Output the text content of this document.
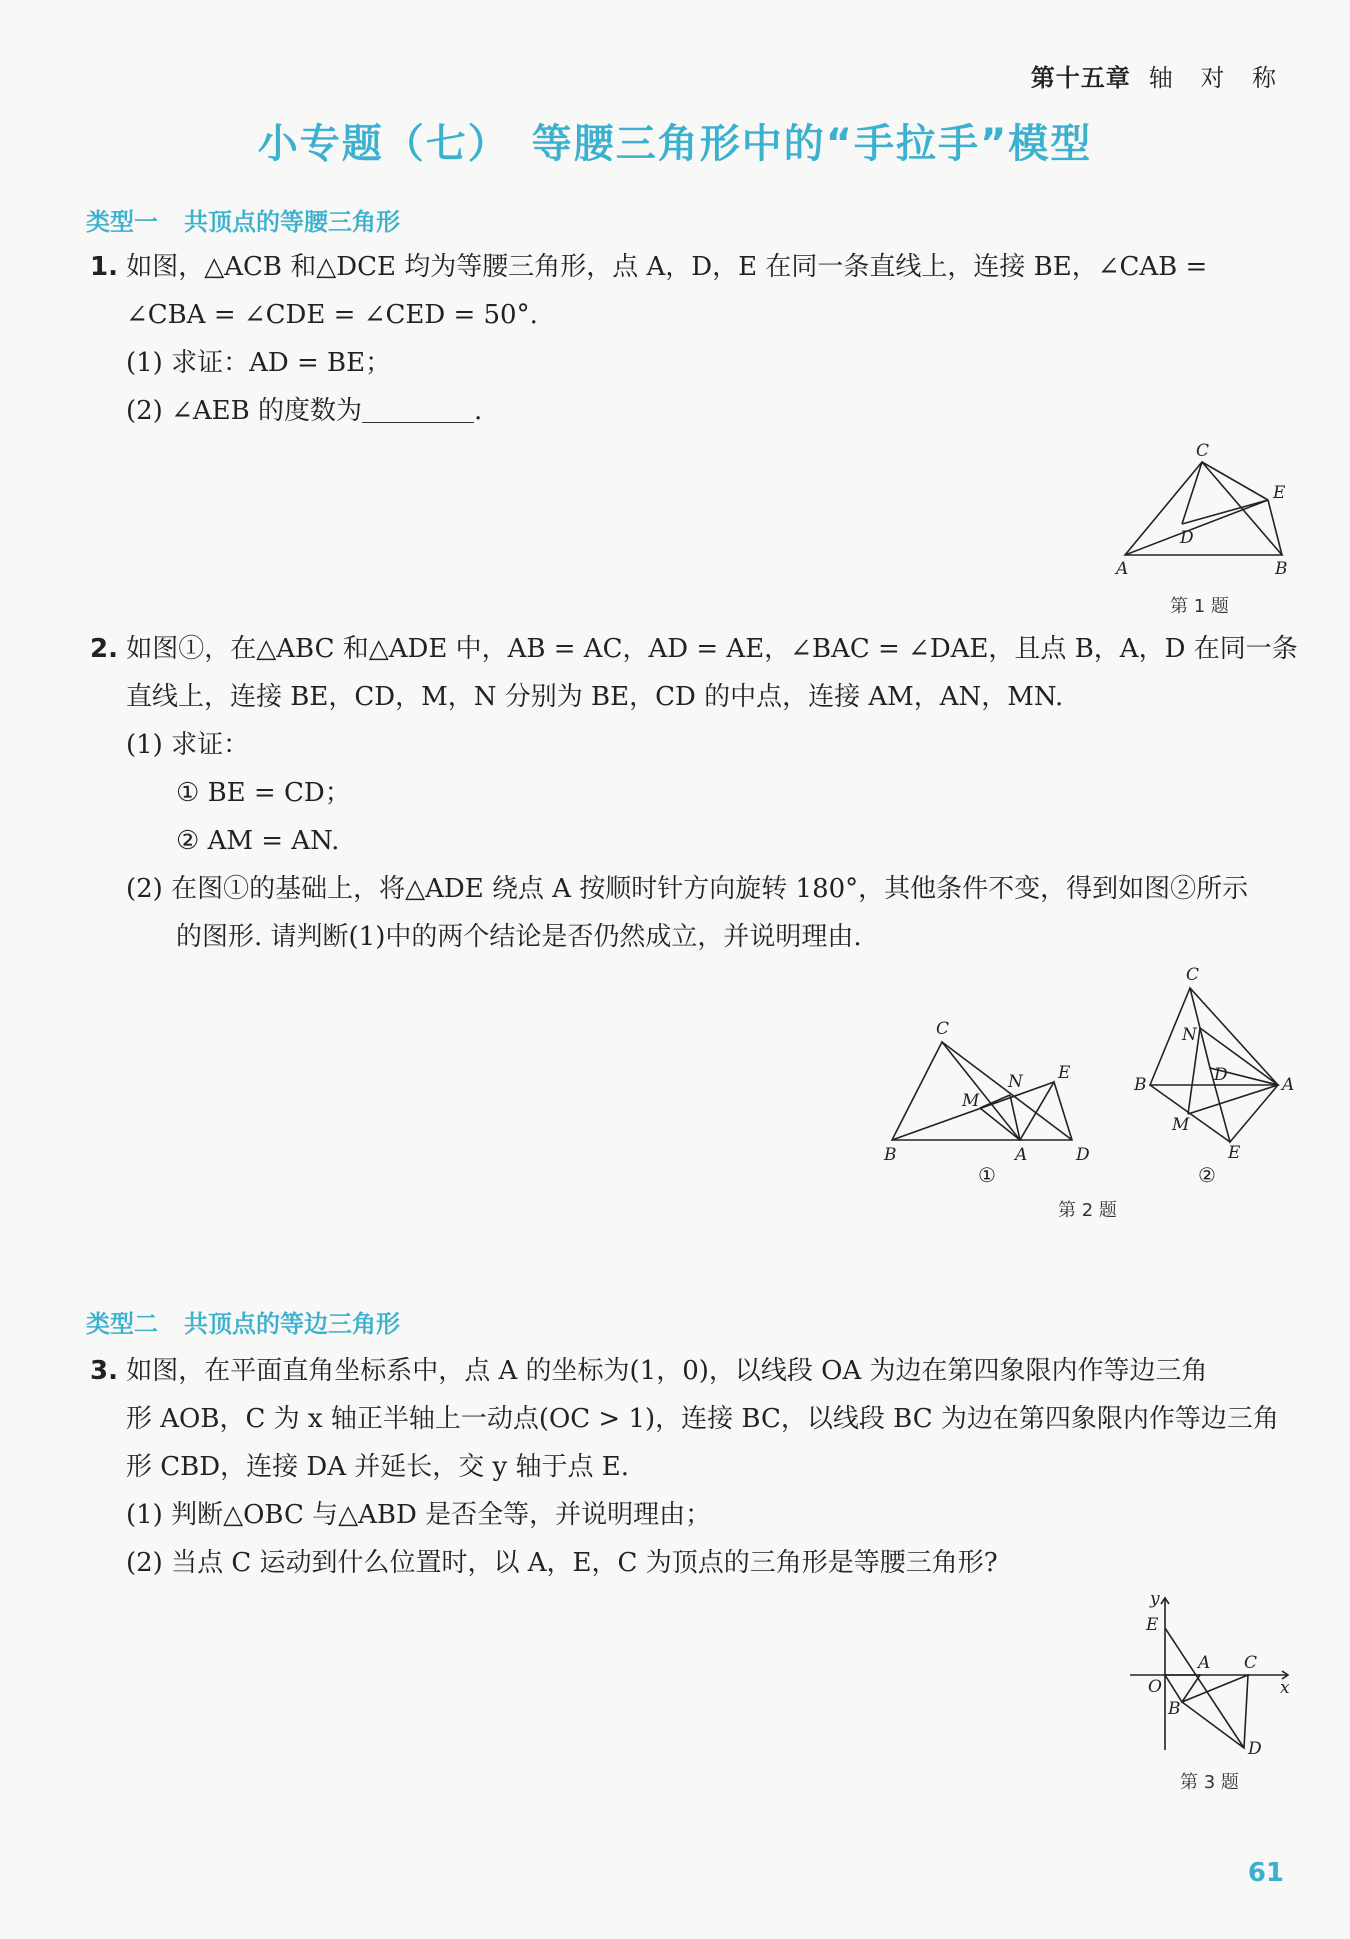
第十五章 轴 对 称
小专题（七）　等腰三角形中的“手拉手”模型
类型一 共顶点的等腰三角形
1. 如图，△ACB 和△DCE 均为等腰三角形，点 A，D，E 在同一条直线上，连接 BE，∠CAB =
∠CBA = ∠CDE = ∠CED = 50°.
(1) 求证：AD = BE；
(2) ∠AEB 的度数为	.
C
E
D
A	B
第 1 题
2. 如图①，在△ABC 和△ADE 中，AB = AC，AD = AE，∠BAC = ∠DAE，且点 B，A，D 在同一条
直线上，连接 BE，CD，M，N 分别为 BE，CD 的中点，连接 AM，AN，MN.
(1) 求证：
① BE = CD；
② AM = AN.
(2) 在图①的基础上，将△ADE 绕点 A 按顺时针方向旋转 180°，其他条件不变，得到如图②所示
的图形. 请判断(1)中的两个结论是否仍然成立，并说明理由.
C
N E
M
B	A	D
①
C
N
D
B	A
M
E
②
第 2 题
类型二 共顶点的等边三角形
3. 如图，在平面直角坐标系中，点 A 的坐标为(1，0)，以线段 OA 为边在第四象限内作等边三角
形 AOB，C 为 x 轴正半轴上一动点(OC > 1)，连接 BC，以线段 BC 为边在第四象限内作等边三角
形 CBD，连接 DA 并延长，交 y 轴于点 E.
(1) 判断△OBC 与△ABD 是否全等，并说明理由；
(2) 当点 C 运动到什么位置时，以 A，E，C 为顶点的三角形是等腰三角形?
y
x
E
A C
O
B
D
第 3 题
61
